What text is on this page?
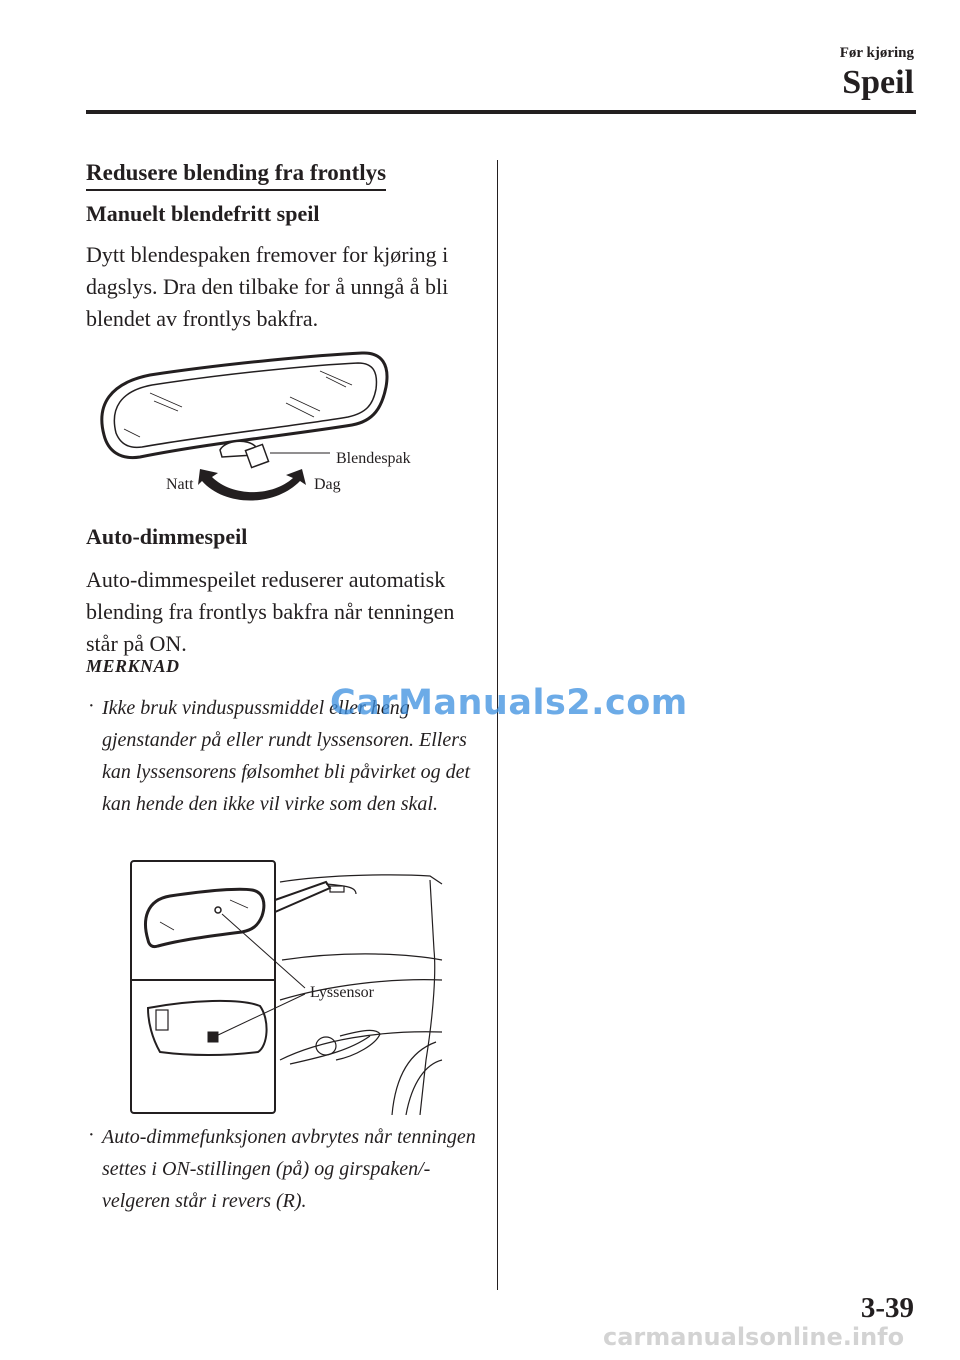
Før kjøring
Speil
Redusere blending fra frontlys
Manuelt blendefritt speil
Dytt blendespaken fremover for kjøring i dagslys. Dra den tilbake for å unngå å bli blendet av frontlys bakfra.
Blendespak
Natt	Dag
Auto-dimmespeil
Auto-dimmespeilet reduserer automatisk blending fra frontlys bakfra når tenningen står på ON.
MERKNAD
· Ikke bruk vinduspussmiddel eller heng gjenstander på eller rundt lyssensoren. Ellers kan lyssensorens følsomhet bli påvirket og det kan hende den ikke vil virke som den skal.
Lyssensor
· Auto-dimmefunksjonen avbrytes når tenningen settes i ON-stillingen (på) og girspaken/-velgeren står i revers (R).
3-39
CarManuals2.com
carmanualsonline.info
